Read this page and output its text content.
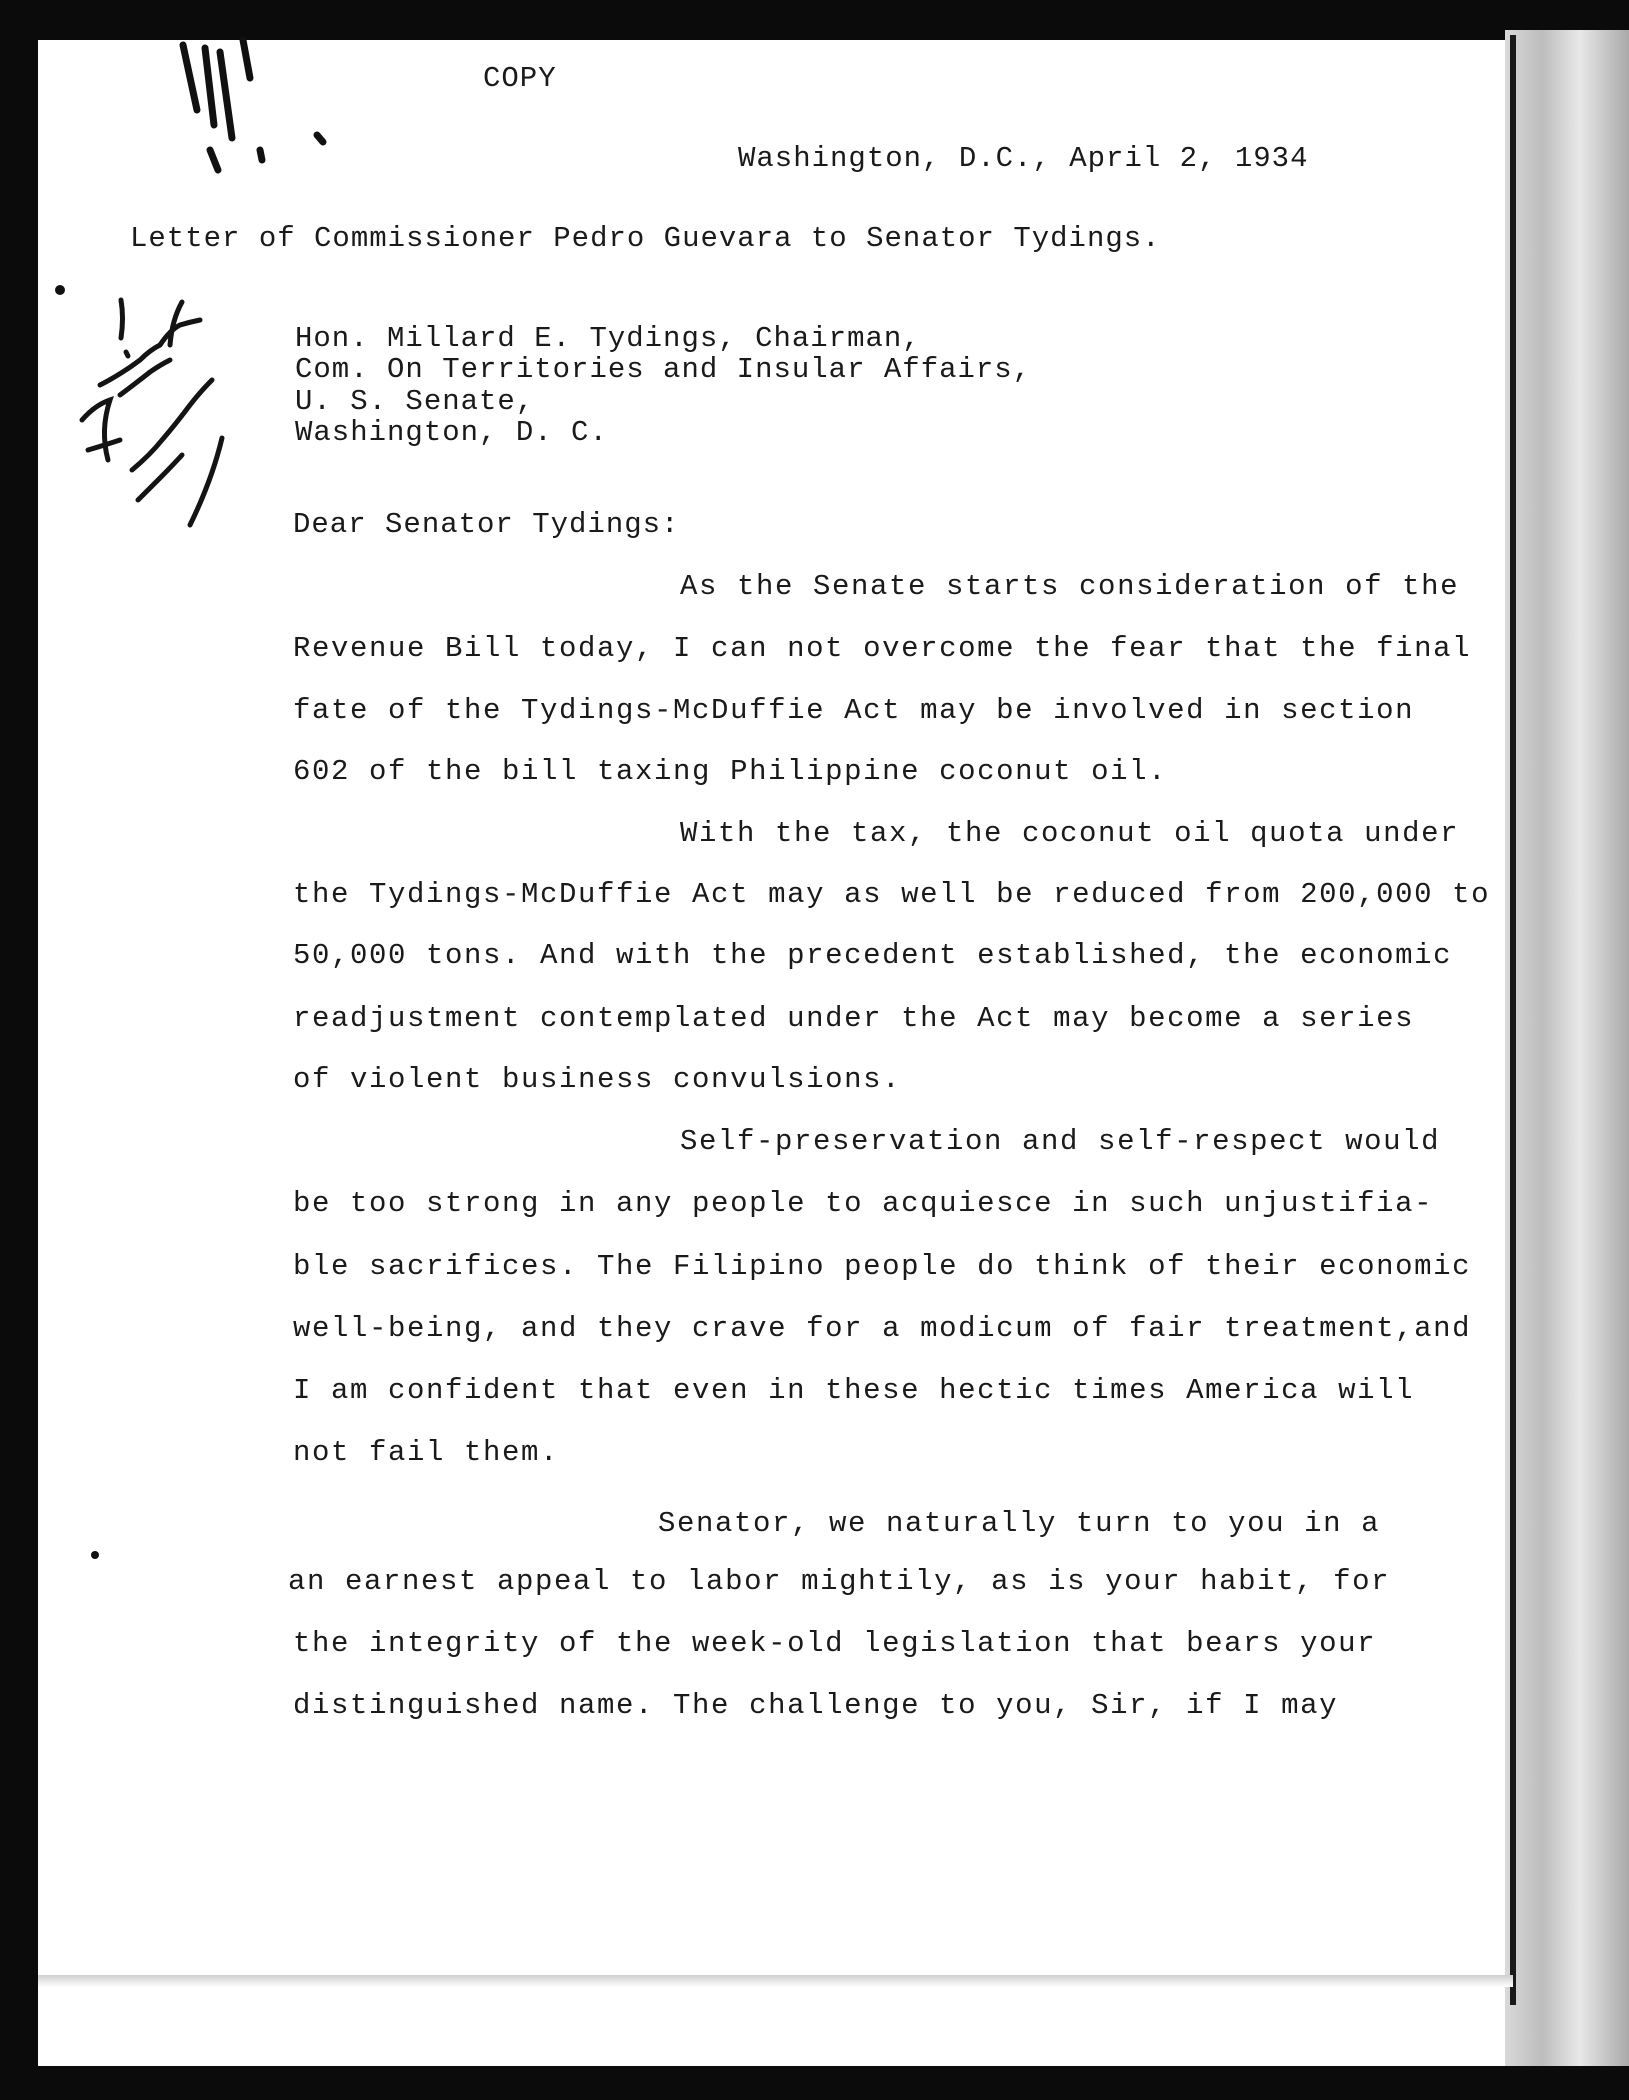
COPY
Washington, D.C., April 2, 1934
Letter of Commissioner Pedro Guevara to Senator Tydings.
Hon. Millard E. Tydings, Chairman,
Com. On Territories and Insular Affairs,
U. S. Senate,
Washington, D. C.
Dear Senator Tydings:
As the Senate starts consideration of the
Revenue Bill today, I can not overcome the fear that the final
fate of the Tydings-McDuffie Act may be involved in section
602 of the bill taxing Philippine coconut oil.
With the tax, the coconut oil quota under
the Tydings-McDuffie Act may as well be reduced from 200,000 to
50,000 tons. And with the precedent established, the economic
readjustment contemplated under the Act may become a series
of violent business convulsions.
Self-preservation and self-respect would
be too strong in any people to acquiesce in such unjustifia-
ble sacrifices. The Filipino people do think of their economic
well-being, and they crave for a modicum of fair treatment,and
I am confident that even in these hectic times America will
not fail them.
Senator, we naturally turn to you in a
an earnest appeal to labor mightily, as is your habit, for
the integrity of the week-old legislation that bears your
distinguished name. The challenge to you, Sir, if I may
